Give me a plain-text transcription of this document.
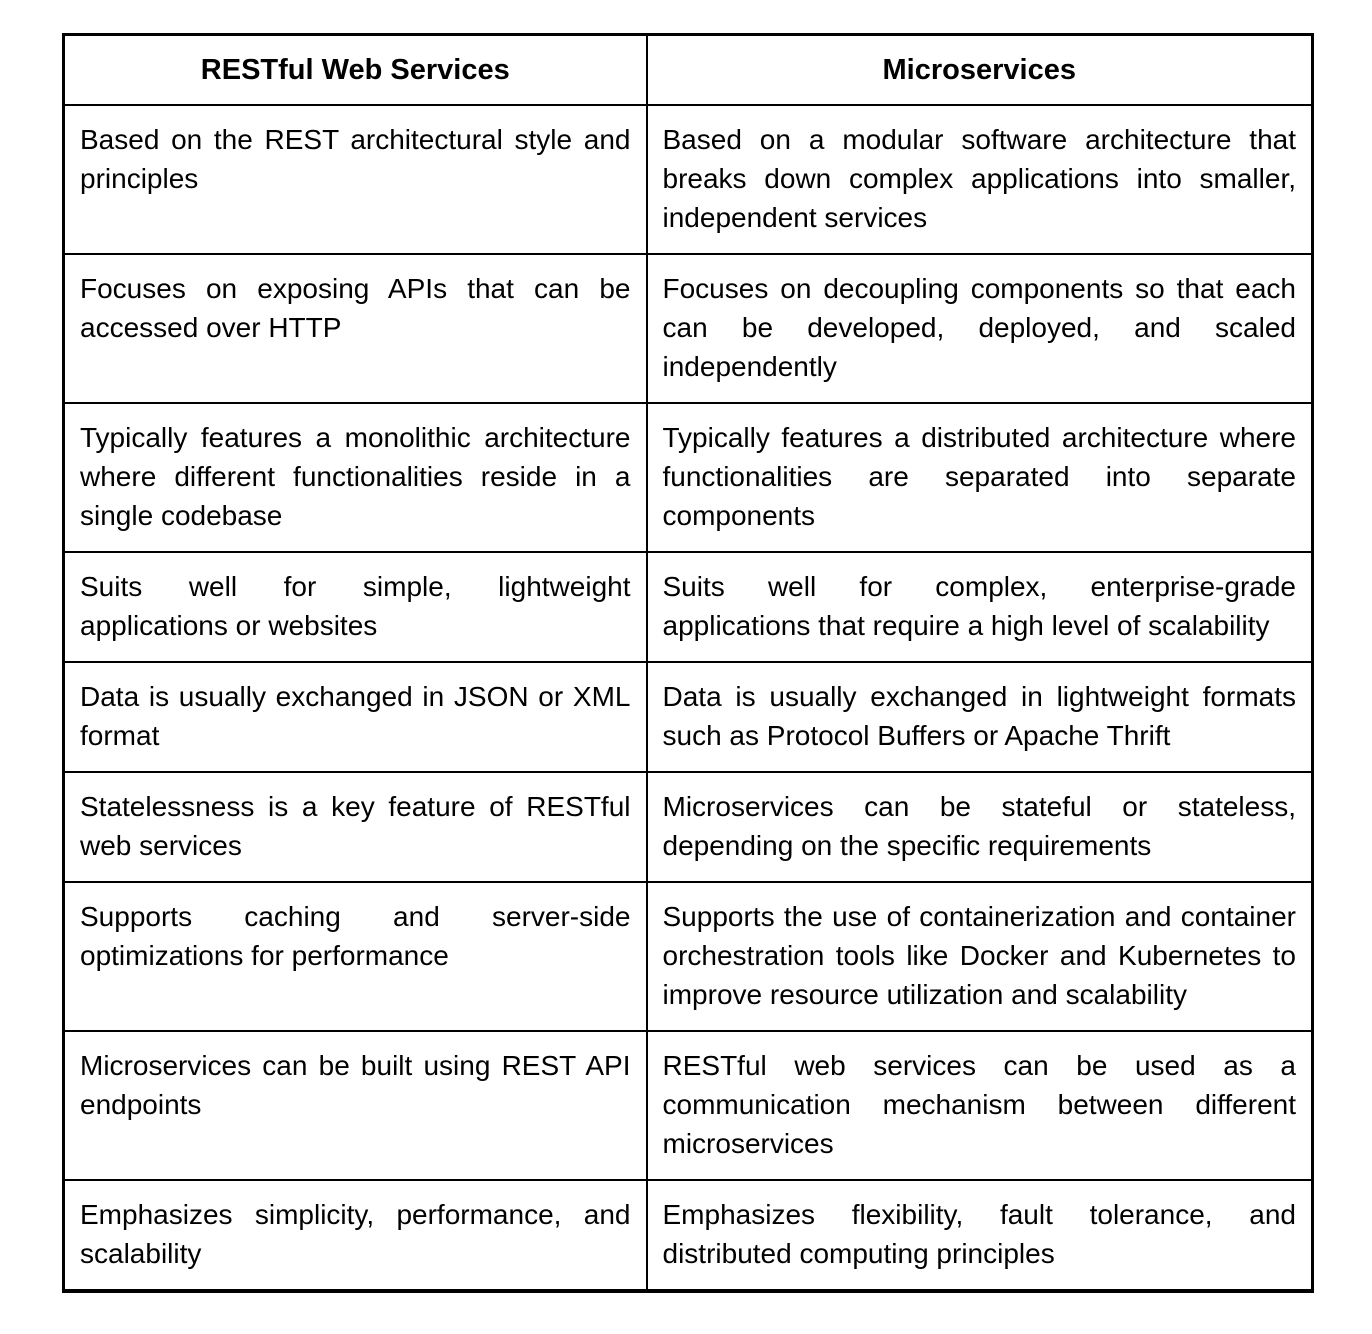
RESTful Web Services	Microservices
Based on the REST architectural style and principles	Based on a modular software architecture that breaks down complex applications into smaller, independent services
Focuses on exposing APIs that can be accessed over HTTP	Focuses on decoupling components so that each can be developed, deployed, and scaled independently
Typically features a monolithic architecture where different functionalities reside in a single codebase	Typically features a distributed architecture where functionalities are separated into separate components
Suits well for simple, lightweight applications or websites	Suits well for complex, enterprise-grade applications that require a high level of scalability
Data is usually exchanged in JSON or XML format	Data is usually exchanged in lightweight formats such as Protocol Buffers or Apache Thrift
Statelessness is a key feature of RESTful web services	Microservices can be stateful or stateless, depending on the specific requirements
Supports caching and server-side optimizations for performance	Supports the use of containerization and container orchestration tools like Docker and Kubernetes to improve resource utilization and scalability
Microservices can be built using REST API endpoints	RESTful web services can be used as a communication mechanism between different microservices
Emphasizes simplicity, performance, and scalability	Emphasizes flexibility, fault tolerance, and distributed computing principles
